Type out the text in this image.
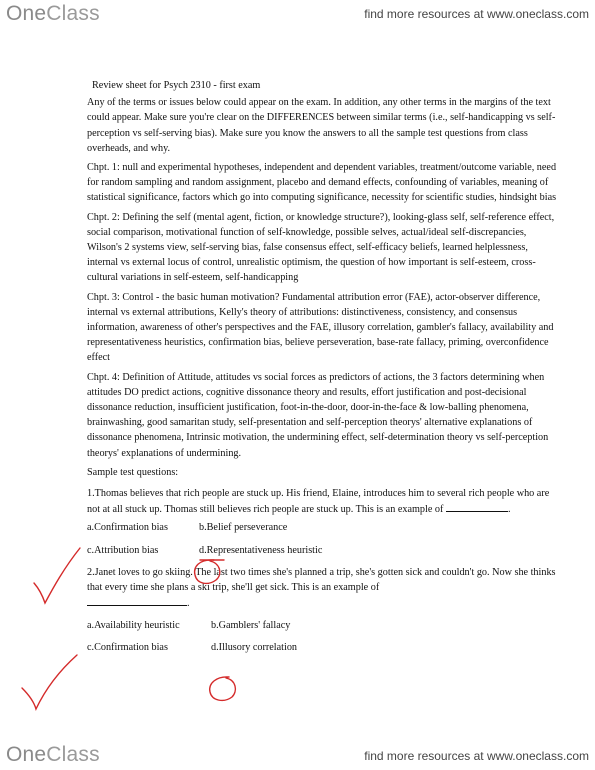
OneClass	find more resources at www.oneclass.com
Review sheet for Psych 2310 - first exam

Any of the terms or issues below could appear on the exam. In addition, any other terms in the margins of the text could appear. Make sure you're clear on the DIFFERENCES between similar terms (i.e., self-handicapping vs self-perception vs self-serving bias). Make sure you know the answers to all the sample test questions from class overheads, and why.

Chpt. 1: null and experimental hypotheses, independent and dependent variables, treatment/outcome variable, need for random sampling and random assignment, placebo and demand effects, confounding of variables, meaning of statistical significance, factors which go into computing significance, necessity for scientific studies, hindsight bias

Chpt. 2: Defining the self (mental agent, fiction, or knowledge structure?), looking-glass self, self-reference effect, social comparison, motivational function of self-knowledge, possible selves, actual/ideal self-discrepancies, Wilson's 2 systems view, self-serving bias, false consensus effect, self-efficacy beliefs, learned helplessness, internal vs external locus of control, unrealistic optimism, the question of how important is self-esteem, cross-cultural variations in self-esteem, self-handicapping

Chpt. 3: Control - the basic human motivation? Fundamental attribution error (FAE), actor-observer difference, internal vs external attributions, Kelly's theory of attributions: distinctiveness, consistency, and consensus information, awareness of other's perspectives and the FAE, illusory correlation, gambler's fallacy, availability and representativeness heuristics, confirmation bias, believe perseveration, base-rate fallacy, priming, overconfidence effect

Chpt. 4: Definition of Attitude, attitudes vs social forces as predictors of actions, the 3 factors determining when attitudes DO predict actions, cognitive dissonance theory and results, effort justification and post-decisional dissonance reduction, insufficient justification, foot-in-the-door, door-in-the-face & low-balling phenomena, brainwashing, good samaritan study, self-presentation and self-perception theorys' alternative explanations of dissonance phenomena, Intrinsic motivation, the undermining effect, self-determination theory vs self-perception theorys' explanations of undermining.

Sample test questions:

1.Thomas believes that rich people are stuck up. His friend, Elaine, introduces him to several rich people who are not at all stuck up. Thomas still believes rich people are stuck up. This is an example of	.
a.Confirmation bias	b.Belief perseverance
c.Attribution bias	d.Representativeness heuristic
2.Janet loves to go skiing. The last two times she's planned a trip, she's gotten sick and couldn't go. Now she thinks that every time she plans a ski trip, she'll get sick. This is an example of
.
a.Availability heuristic	b.Gamblers' fallacy
c.Confirmation bias	d.Illusory correlation
OneClass	find more resources at www.oneclass.com
